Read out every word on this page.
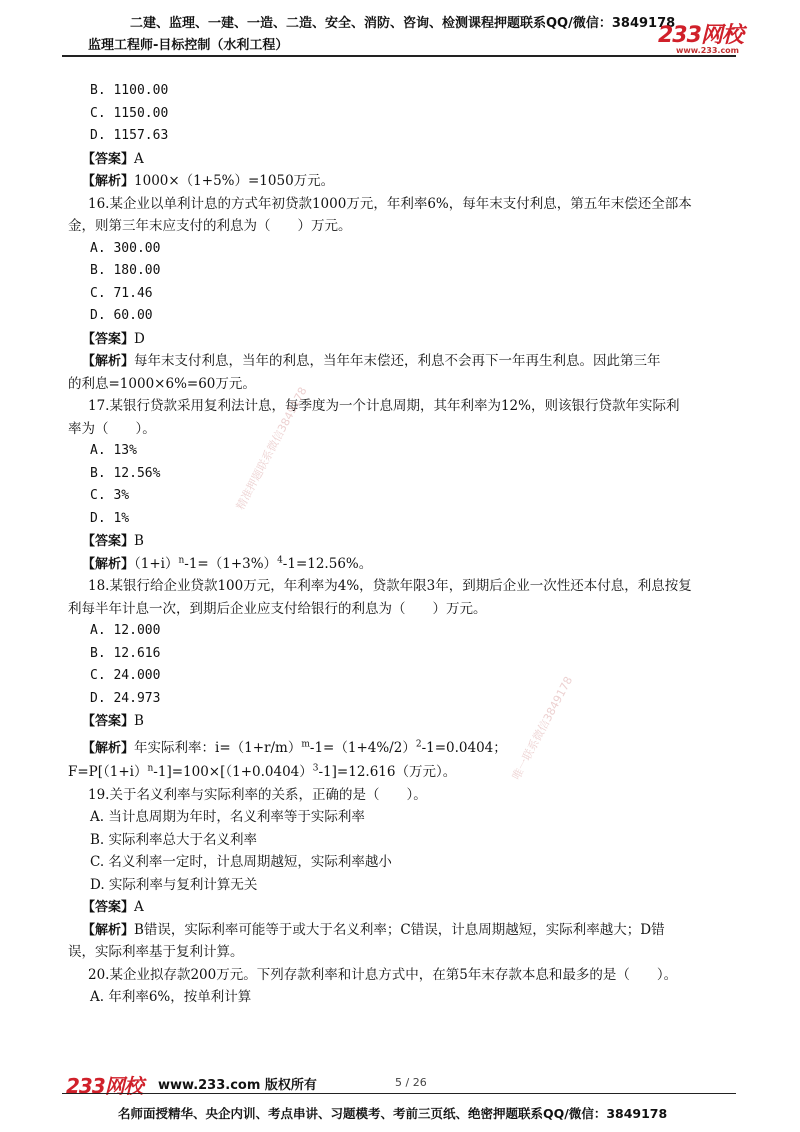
二建、监理、一建、一造、二造、安全、消防、咨询、检测课程押题联系QQ/微信：3849178
监理工程师-目标控制（水利工程）	233网校
www.233.com
B. 1100.00
C. 1150.00
D. 1157.63
【答案】A
【解析】1000×（1+5%）=1050万元。
16.某企业以单利计息的方式年初贷款1000万元，年利率6%，每年末支付利息，第五年末偿还全部本
金，则第三年末应支付的利息为（　　）万元。
A. 300.00
B. 180.00
C. 71.46
D. 60.00
【答案】D
【解析】每年末支付利息，当年的利息，当年年末偿还，利息不会再下一年再生利息。因此第三年
的利息=1000×6%=60万元。
17.某银行贷款采用复利法计息，每季度为一个计息周期，其年利率为12%，则该银行贷款年实际利
率为（　　）。
A. 13%
B. 12.56%
C. 3%
D. 1%
【答案】B
【解析】$(1+i)^n-1=(1+3\%)^4-1=12.56\%$。
18.某银行给企业贷款100万元，年利率为4%，贷款年限3年，到期后企业一次性还本付息，利息按复
利每半年计息一次，到期后企业应支付给银行的利息为（　　）万元。
A. 12.000
B. 12.616
C. 24.000
D. 24.973
【答案】B
【解析】年实际利率：$i=(1+r/m)^m-1=(1+4\%/2)^2-1=0.0404$；
$F=P[(1+i)^n-1]=100\times[(1+0.0404)^3-1]=12.616$（万元）。
19.关于名义利率与实际利率的关系，正确的是（　　）。
A. 当计息周期为年时，名义利率等于实际利率
B. 实际利率总大于名义利率
C. 名义利率一定时，计息周期越短，实际利率越小
D. 实际利率与复利计算无关
【答案】A
【解析】B错误，实际利率可能等于或大于名义利率；C错误，计息周期越短，实际利率越大；D错
误，实际利率基于复利计算。
20.某企业拟存款200万元。下列存款利率和计息方式中，在第5年末存款本息和最多的是（　　）。
A. 年利率6%，按单利计算
精准押题联系微信3849178
唯一联系微信3849178
233网校 www.233.com 版权所有	5 / 26
名师面授精华、央企内训、考点串讲、习题模考、考前三页纸、绝密押题联系QQ/微信：3849178
